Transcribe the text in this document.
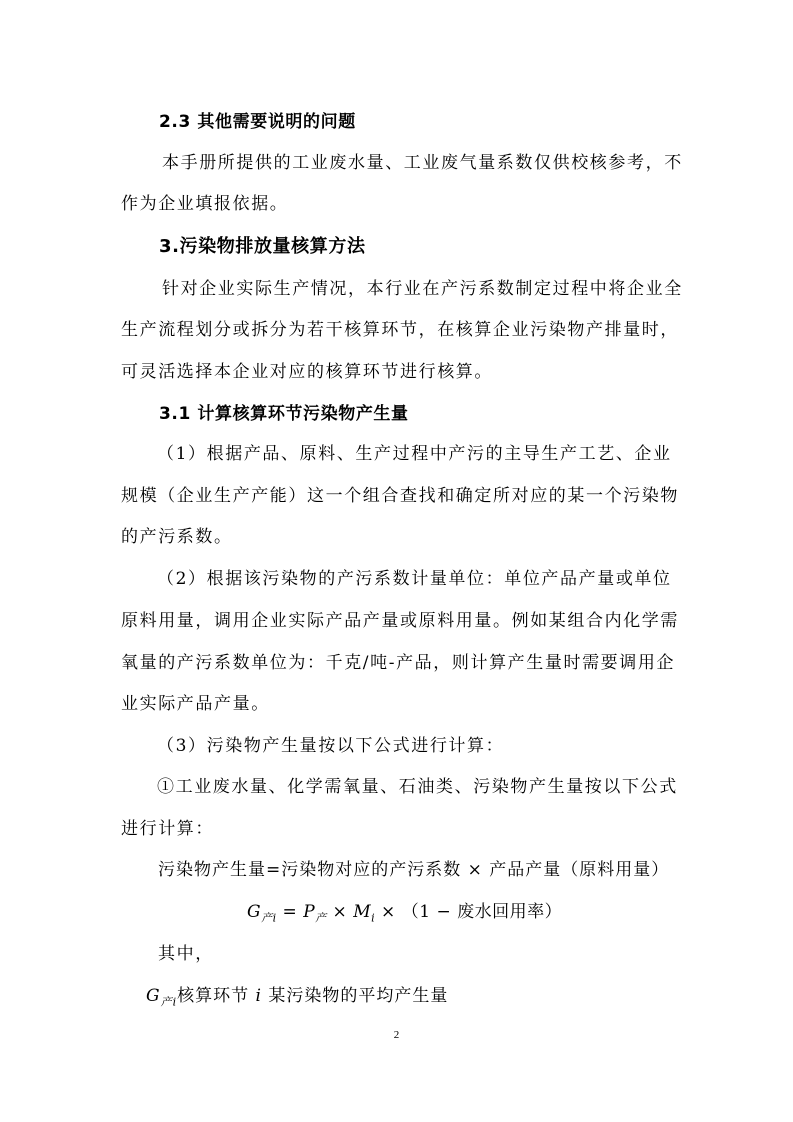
2.3 其他需要说明的问题
本手册所提供的工业废水量、工业废气量系数仅供校核参考，不
作为企业填报依据。
3.污染物排放量核算方法
针对企业实际生产情况，本行业在产污系数制定过程中将企业全
生产流程划分或拆分为若干核算环节，在核算企业污染物产排量时，
可灵活选择本企业对应的核算环节进行核算。
3.1 计算核算环节污染物产生量
（1）根据产品、原料、生产过程中产污的主导生产工艺、企业
规模（企业生产产能）这一个组合查找和确定所对应的某一个污染物
的产污系数。
（2）根据该污染物的产污系数计量单位：单位产品产量或单位
原料用量，调用企业实际产品产量或原料用量。例如某组合内化学需
氧量的产污系数单位为：千克/吨-产品，则计算产生量时需要调用企
业实际产品产量。
（3）污染物产生量按以下公式进行计算：
①工业废水量、化学需氧量、石油类、污染物产生量按以下公式
进行计算：
污染物产生量=污染物对应的产污系数 × 产品产量（原料用量）
$G_{产i} = P_产 \times M_i \times (1$ − 废水回用率）
其中，
$G_{产i}$核算环节 i 某污染物的平均产生量
2
